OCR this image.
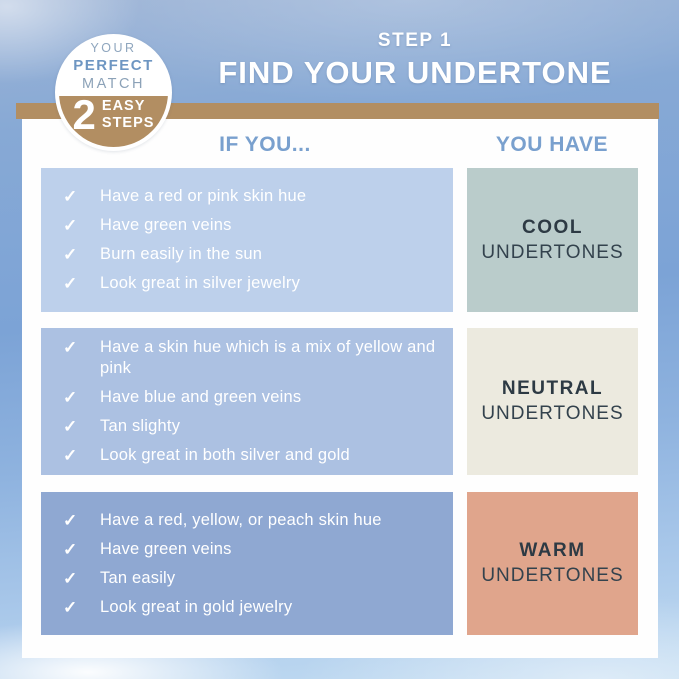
YOUR
PERFECT
MATCH
2 EASY
STEPS
STEP 1
FIND YOUR UNDERTONE
IF YOU...	YOU HAVE
✓	Have a red or pink skin hue
✓	Have green veins
✓	Burn easily in the sun
✓	Look great in silver jewelry
COOL
UNDERTONES
✓	Have a skin hue which is a mix of yellow and pink
✓	Have blue and green veins
✓	Tan slighty
✓	Look great in both silver and gold
NEUTRAL
UNDERTONES
✓	Have a red, yellow, or peach skin hue
✓	Have green veins
✓	Tan easily
✓	Look great in gold jewelry
WARM
UNDERTONES
